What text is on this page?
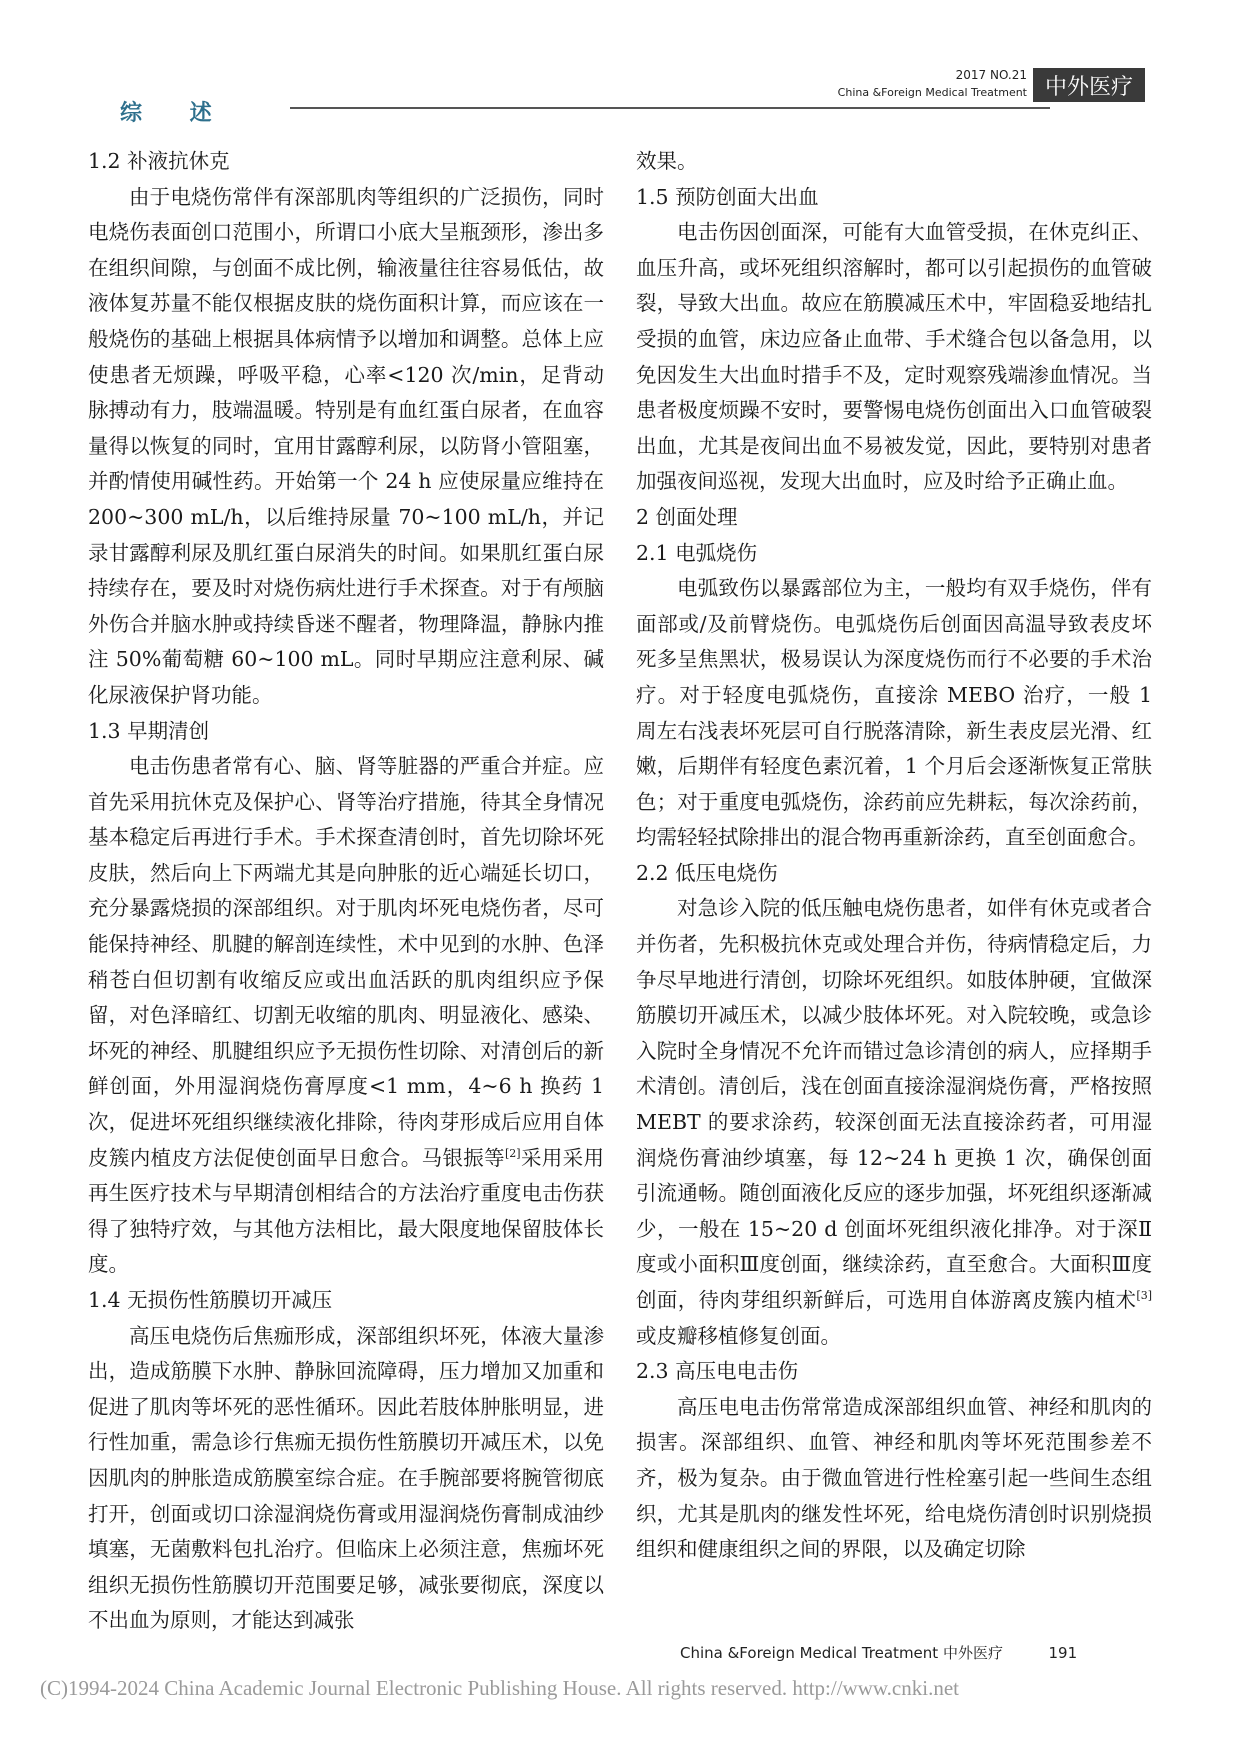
综 述
2017 NO.21
China &Foreign Medical Treatment 中外医疗
1.2 补液抗休克

由于电烧伤常伴有深部肌肉等组织的广泛损伤，同时电烧伤表面创口范围小，所谓口小底大呈瓶颈形，渗出多在组织间隙，与创面不成比例，输液量往往容易低估，故液体复苏量不能仅根据皮肤的烧伤面积计算，而应该在一般烧伤的基础上根据具体病情予以增加和调整。总体上应使患者无烦躁，呼吸平稳，心率<120 次/min，足背动脉搏动有力，肢端温暖。特别是有血红蛋白尿者，在血容量得以恢复的同时，宜用甘露醇利尿，以防肾小管阻塞，并酌情使用碱性药。开始第一个 24 h 应使尿量应维持在 200~300 mL/h，以后维持尿量 70~100 mL/h，并记录甘露醇利尿及肌红蛋白尿消失的时间。如果肌红蛋白尿持续存在，要及时对烧伤病灶进行手术探查。对于有颅脑外伤合并脑水肿或持续昏迷不醒者，物理降温，静脉内推注 50%葡萄糖 60~100 mL。同时早期应注意利尿、碱化尿液保护肾功能。

1.3 早期清创

电击伤患者常有心、脑、肾等脏器的严重合并症。应首先采用抗休克及保护心、肾等治疗措施，待其全身情况基本稳定后再进行手术。手术探查清创时，首先切除坏死皮肤，然后向上下两端尤其是向肿胀的近心端延长切口，充分暴露烧损的深部组织。对于肌肉坏死电烧伤者，尽可能保持神经、肌腱的解剖连续性，术中见到的水肿、色泽稍苍白但切割有收缩反应或出血活跃的肌肉组织应予保留，对色泽暗红、切割无收缩的肌肉、明显液化、感染、坏死的神经、肌腱组织应予无损伤性切除、对清创后的新鲜创面，外用湿润烧伤膏厚度<1 mm，4~6 h 换药 1 次，促进坏死组织继续液化排除，待肉芽形成后应用自体皮簇内植皮方法促使创面早日愈合。马银振等[2]采用采用再生医疗技术与早期清创相结合的方法治疗重度电击伤获得了独特疗效，与其他方法相比，最大限度地保留肢体长度。

1.4 无损伤性筋膜切开减压

高压电烧伤后焦痂形成，深部组织坏死，体液大量渗出，造成筋膜下水肿、静脉回流障碍，压力增加又加重和促进了肌肉等坏死的恶性循环。因此若肢体肿胀明显，进行性加重，需急诊行焦痂无损伤性筋膜切开减压术，以免因肌肉的肿胀造成筋膜室综合症。在手腕部要将腕管彻底打开，创面或切口涂湿润烧伤膏或用湿润烧伤膏制成油纱填塞，无菌敷料包扎治疗。但临床上必须注意，焦痂坏死组织无损伤性筋膜切开范围要足够，减张要彻底，深度以不出血为原则，才能达到减张

效果。

1.5 预防创面大出血

电击伤因创面深，可能有大血管受损，在休克纠正、血压升高，或坏死组织溶解时，都可以引起损伤的血管破裂，导致大出血。故应在筋膜减压术中，牢固稳妥地结扎受损的血管，床边应备止血带、手术缝合包以备急用，以免因发生大出血时措手不及，定时观察残端渗血情况。当患者极度烦躁不安时，要警惕电烧伤创面出入口血管破裂出血，尤其是夜间出血不易被发觉，因此，要特别对患者加强夜间巡视，发现大出血时，应及时给予正确止血。

2 创面处理
2.1 电弧烧伤

电弧致伤以暴露部位为主，一般均有双手烧伤，伴有面部或/及前臂烧伤。电弧烧伤后创面因高温导致表皮坏死多呈焦黑状，极易误认为深度烧伤而行不必要的手术治疗。对于轻度电弧烧伤，直接涂 MEBO 治疗，一般 1 周左右浅表坏死层可自行脱落清除，新生表皮层光滑、红嫩，后期伴有轻度色素沉着，1 个月后会逐渐恢复正常肤色；对于重度电弧烧伤，涂药前应先耕耘，每次涂药前，均需轻轻拭除排出的混合物再重新涂药，直至创面愈合。

2.2 低压电烧伤

对急诊入院的低压触电烧伤患者，如伴有休克或者合并伤者，先积极抗休克或处理合并伤，待病情稳定后，力争尽早地进行清创，切除坏死组织。如肢体肿硬，宜做深筋膜切开减压术，以减少肢体坏死。对入院较晚，或急诊入院时全身情况不允许而错过急诊清创的病人，应择期手术清创。清创后，浅在创面直接涂湿润烧伤膏，严格按照 MEBT 的要求涂药，较深创面无法直接涂药者，可用湿润烧伤膏油纱填塞，每 12~24 h 更换 1 次，确保创面引流通畅。随创面液化反应的逐步加强，坏死组织逐渐减少，一般在 15~20 d 创面坏死组织液化排净。对于深Ⅱ度或小面积Ⅲ度创面，继续涂药，直至愈合。大面积Ⅲ度创面，待肉芽组织新鲜后，可选用自体游离皮簇内植术[3]或皮瓣移植修复创面。

2.3 高压电电击伤

高压电电击伤常常造成深部组织血管、神经和肌肉的损害。深部组织、血管、神经和肌肉等坏死范围参差不齐，极为复杂。由于微血管进行性栓塞引起一些间生态组织，尤其是肌肉的继发性坏死，给电烧伤清创时识别烧损组织和健康组织之间的界限，以及确定切除

China &Foreign Medical Treatment 中外医疗	191
(C)1994-2024 China Academic Journal Electronic Publishing House. All rights reserved. http://www.cnki.net
